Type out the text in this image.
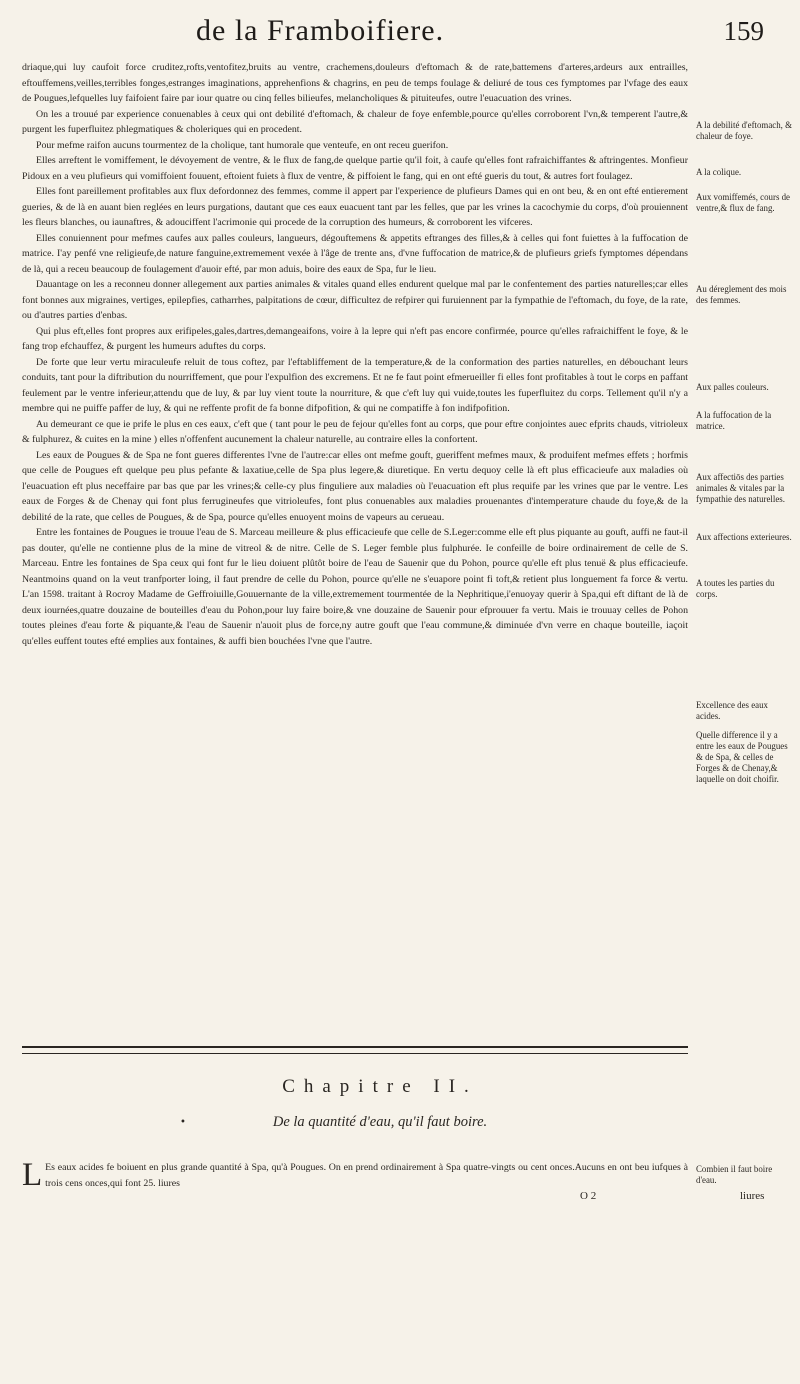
de la Framboifiere.	159

driaque,qui luy caufoit force cruditez,rofts,ventofitez,bruits au ventre, crachemens,douleurs d'eftomach & de rate,battemens d'arteres,ardeurs aux entrailles, eftouffemens,veilles,terribles fonges,estranges imaginations, apprehenfions & chagrins, en peu de temps foulage & deliuré de tous ces fymptomes par l'vfage des eaux de Pougues,lefquelles luy faifoient faire par iour quatre ou cinq felles bilieufes, melancholiques & pituiteufes, outre l'euacuation des vrines.

On les a trouué par experience conuenables à ceux qui ont debilité d'eftomach, & chaleur de foye enfemble,pource qu'elles corroborent l'vn,& temperent l'autre,& purgent les fuperfluitez phlegmatiques & choleriques qui en procedent.

Pour mefme raifon aucuns tourmentez de la cholique, tant humorale que venteufe, en ont receu guerifon.

Elles arreftent le vomiffement, le dévoyement de ventre, & le flux de fang,de quelque partie qu'il foit, à caufe qu'elles font rafraichiffantes & aftringentes. Monfieur Pidoux en a veu plufieurs qui vomiffoient fouuent, eftoient fuiets à flux de ventre, & piffoient le fang, qui en ont efté gueris du tout, & autres fort foulagez.

Elles font pareillement profitables aux flux defordonnez des femmes, comme il appert par l'experience de plufieurs Dames qui en ont beu, & en ont efté entierement gueries, & de là en auant bien reglées en leurs purgations, dautant que ces eaux euacuent tant par les felles, que par les vrines la cacochymie du corps, d'où prouiennent les fleurs blanches, ou iaunaftres, & adouciffent l'acrimonie qui procede de la corruption des humeurs, & corroborent les vifceres.

Elles conuiennent pour mefmes caufes aux palles couleurs, langueurs, dégouftemens & appetits eftranges des filles,& à celles qui font fuiettes à la fuffocation de matrice. I'ay penfé vne religieufe,de nature fanguine,extremement vexée à l'âge de trente ans, d'vne fuffocation de matrice,& de plufieurs griefs fymptomes dépendans de là, qui a receu beaucoup de foulagement d'auoir efté, par mon aduis, boire des eaux de Spa, fur le lieu.

Dauantage on les a reconneu donner allegement aux parties animales & vitales quand elles endurent quelque mal par le confentement des parties naturelles;car elles font bonnes aux migraines, vertiges, epilepfies, catharrhes, palpitations de cœur, difficultez de refpirer qui furuiennent par la fympathie de l'eftomach, du foye, de la rate, ou d'autres parties d'enbas.

Qui plus eft,elles font propres aux erifipeles,gales,dartres,demangeaifons, voire à la lepre qui n'eft pas encore confirmée, pource qu'elles rafraichiffent le foye, & le fang trop efchauffez, & purgent les humeurs aduftes du corps.

De forte que leur vertu miraculeufe reluit de tous coftez, par l'eftabliffement de la temperature,& de la conformation des parties naturelles, en débouchant leurs conduits, tant pour la diftribution du nourriffement, que pour l'expulfion des excremens. Et ne fe faut point efmerueiller fi elles font profitables à tout le corps en paffant feulement par le ventre inferieur,attendu que de luy, & par luy vient toute la nourriture, & que c'eft luy qui vuide,toutes les fuperfluitez du corps. Tellement qu'il n'y a membre qui ne puiffe paffer de luy, & qui ne reffente profit de fa bonne difpofition, & qui ne compatiffe à fon indifpofition.

Au demeurant ce que ie prife le plus en ces eaux, c'eft que ( tant pour le peu de fejour qu'elles font au corps, que pour eftre conjointes auec efprits chauds, vitrioleux & fulphurez, & cuites en la mine ) elles n'offenfent aucunement la chaleur naturelle, au contraire elles la confortent.

Les eaux de Pougues & de Spa ne font gueres differentes l'vne de l'autre:car elles ont mefme gouft, gueriffent mefmes maux, & produifent mefmes effets ; horfmis que celle de Pougues eft quelque peu plus pefante & laxatiue,celle de Spa plus legere,& diuretique. En vertu dequoy celle là eft plus efficacieufe aux maladies où l'euacuation eft plus neceffaire par bas que par les vrines;& celle-cy plus finguliere aux maladies où l'euacuation eft plus requife par les vrines que par le ventre. Les eaux de Forges & de Chenay qui font plus ferrugineufes que vitrioleufes, font plus conuenables aux maladies prouenantes d'intemperature chaude du foye,& de la debilité de la rate, que celles de Pougues, & de Spa, pource qu'elles enuoyent moins de vapeurs au cerueau.

Entre les fontaines de Pougues ie trouue l'eau de S. Marceau meilleure & plus efficacieufe que celle de S.Leger:comme elle eft plus piquante au gouft, auffi ne faut-il pas douter, qu'elle ne contienne plus de la mine de vitreol & de nitre. Celle de S. Leger femble plus fulphurée. Ie confeille de boire ordinairement de celle de S. Marceau. Entre les fontaines de Spa ceux qui font fur le lieu doiuent plûtôt boire de l'eau de Sauenir que du Pohon, pource qu'elle eft plus tenuë & plus efficacieufe. Neantmoins quand on la veut tranfporter loing, il faut prendre de celle du Pohon, pource qu'elle ne s'euapore point fi toft,& retient plus longuement fa force & vertu. L'an 1598. traitant à Rocroy Madame de Geffroiuille,Gouuernante de la ville,extremement tourmentée de la Nephritique,i'enuoyay querir à Spa,qui eft diftant de là de deux iournées,quatre douzaine de bouteilles d'eau du Pohon,pour luy faire boire,& vne douzaine de Sauenir pour efprouuer fa vertu. Mais ie trouuay celles de Pohon toutes pleines d'eau forte & piquante,& l'eau de Sauenir n'auoit plus de force,ny autre gouft que l'eau commune,& diminuée d'vn verre en chaque bouteille, iaçoit qu'elles euffent toutes efté emplies aux fontaines, & auffi bien bouchées l'vne que l'autre.

A la debilité d'eftomach, & chaleur de foye.
A la colique.
Aux vomiffemés, cours de ventre,& flux de fang.
Au déreglement des mois des femmes.
Aux palles couleurs.
A la fuffocation de la matrice.
Aux affectiōs des parties animales & vitales par la fympathie des naturelles.
Aux affections exterieures.
A toutes les parties du corps.
Excellence des eaux acides.
Quelle difference il y a entre les eaux de Pougues & de Spa, & celles de Forges & de Chenay,& laquelle on doit choifir.
Combien il faut boire d'eau.
Chapitre II.
•	De la quantité d'eau, qu'il faut boire.
L Es eaux acides fe boiuent en plus grande quantité à Spa, qu'à Pougues. On en prend ordinairement à Spa quatre-vingts ou cent onces.Aucuns en ont beu iufques à trois cens onces,qui font 25. liures
O 2	liures
